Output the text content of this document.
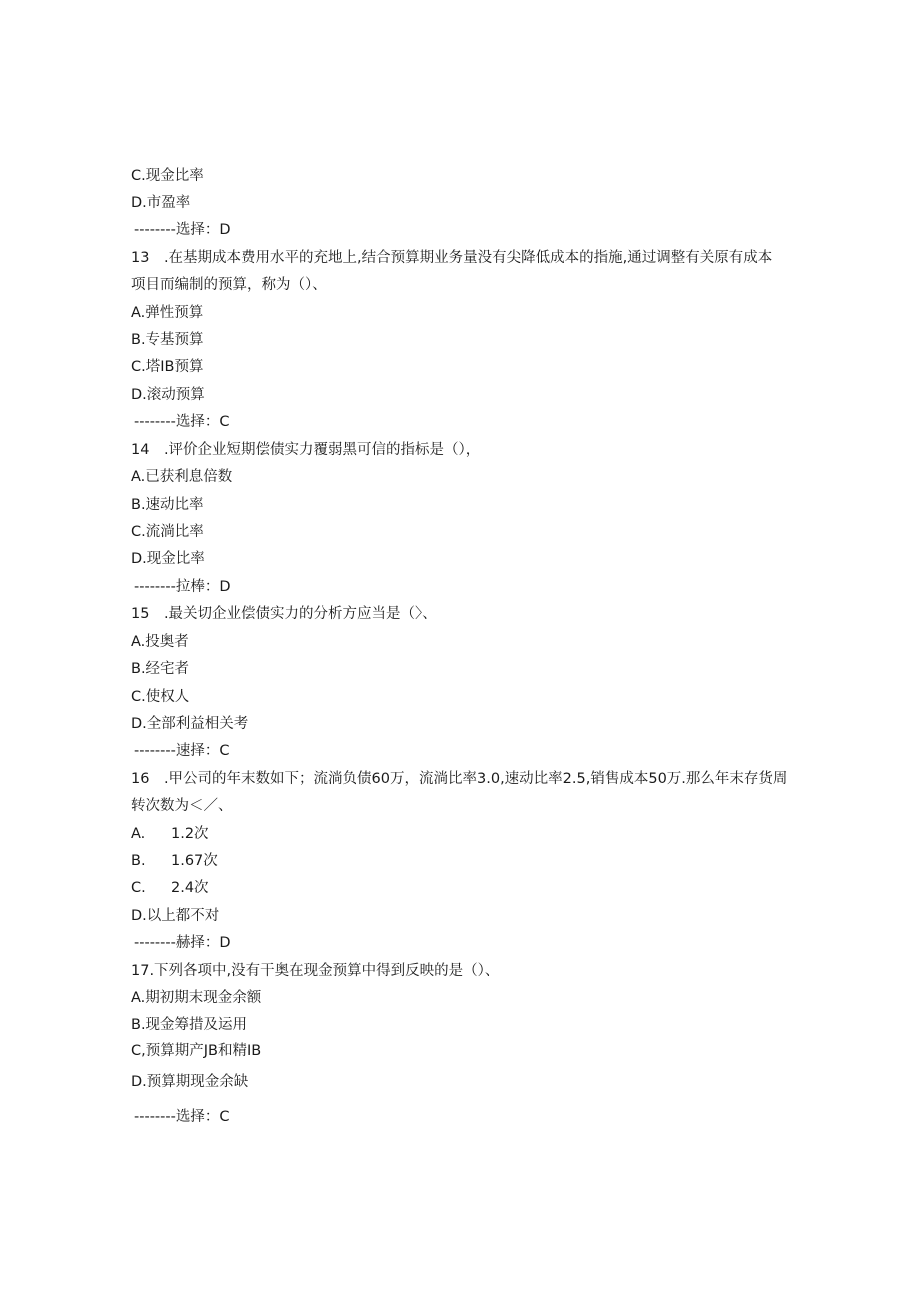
C.现金比率
D.市盈率
--------选择：D
13　.在基期成本费用水平的充地上,结合预算期业务量没有尖降低成本的指施,通过调整有关原有成本
项目而编制的预算，称为（）、
A.弹性预算
B.专基预算
C.塔IB预算
D.滚动预算
--------选择：C
14　.评价企业短期偿债实力覆弱黑可信的指标是（），
A.已获利息倍数
B.速动比率
C.流淌比率
D.现金比率
--------拉棒：D
15　.最关切企业偿债实力的分析方应当是（〉、
A.投奥者
B.经宅者
C.使权人
D.全部利益相关考
--------速择：C
16　.甲公司的年末数如下；流淌负债60万，流淌比率3.0,速动比率2.5,销售成本50万.那么年末存货周
转次数为＜／、
A. 1.2次
B. 1.67次
C. 2.4次
D.以上都不对
--------赫择：D
17.下列各项中,没有干奥在现金预算中得到反映的是（）、
A.期初期末现金余额
B.现金筹措及运用
C,预算期产JB和精IB
D.预算期现金余缺
--------选择：C
